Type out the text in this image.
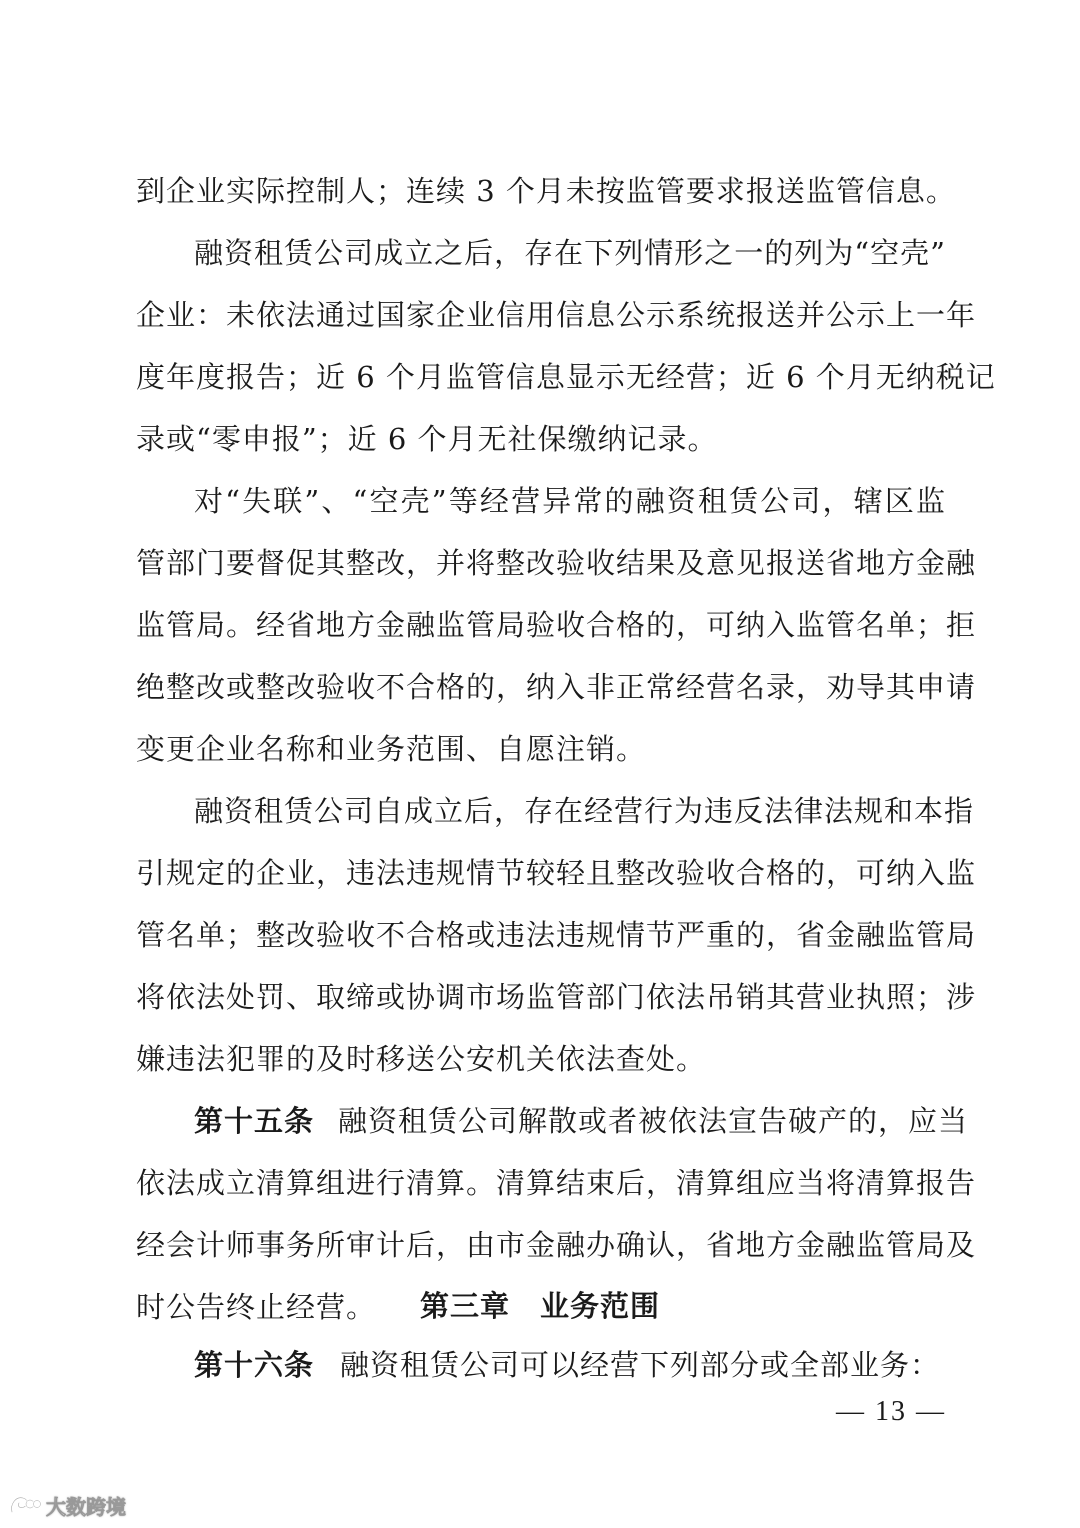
到企业实际控制人；连续 3 个月未按监管要求报送监管信息。
融资租赁公司成立之后，存在下列情形之一的列为“空壳”
企业：未依法通过国家企业信用信息公示系统报送并公示上一年
度年度报告；近 6 个月监管信息显示无经营；近 6 个月无纳税记
录或“零申报”；近 6 个月无社保缴纳记录。
对“失联”、“空壳”等经营异常的融资租赁公司，辖区监
管部门要督促其整改，并将整改验收结果及意见报送省地方金融
监管局。经省地方金融监管局验收合格的，可纳入监管名单；拒
绝整改或整改验收不合格的，纳入非正常经营名录，劝导其申请
变更企业名称和业务范围、自愿注销。
融资租赁公司自成立后，存在经营行为违反法律法规和本指
引规定的企业，违法违规情节较轻且整改验收合格的，可纳入监
管名单；整改验收不合格或违法违规情节严重的，省金融监管局
将依法处罚、取缔或协调市场监管部门依法吊销其营业执照；涉
嫌违法犯罪的及时移送公安机关依法查处。
第十五条 融资租赁公司解散或者被依法宣告破产的，应当
依法成立清算组进行清算。清算结束后，清算组应当将清算报告
经会计师事务所审计后，由市金融办确认，省地方金融监管局及
时公告终止经营。	第三章 业务范围
第十六条 融资租赁公司可以经营下列部分或全部业务：
— 13 —
大数跨境
